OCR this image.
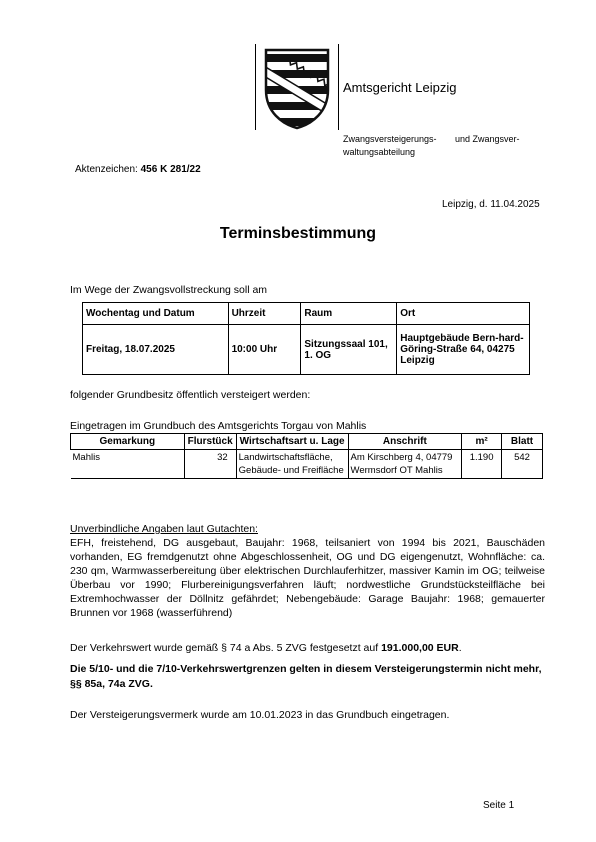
Amtsgericht Leipzig
Zwangsversteigerungs- und Zwangsver-
waltungsabteilung
Aktenzeichen: 456 K 281/22
Leipzig, d. 11.04.2025
Terminsbestimmung
Im Wege der Zwangsvollstreckung soll am
Wochentag und Datum	Uhrzeit	Raum	Ort
Freitag, 18.07.2025	10:00 Uhr	Sitzungssaal 101, 1. OG	Hauptgebäude Bern-hard-Göring-Straße 64, 04275 Leipzig
folgender Grundbesitz öffentlich versteigert werden:
Eingetragen im Grundbuch des Amtsgerichts Torgau von Mahlis
Gemarkung	Flurstück	Wirtschaftsart u. Lage	Anschrift	m²	Blatt
Mahlis	32	Landwirtschaftsfläche, Gebäude- und Freifläche	Am Kirschberg 4, 04779 Wermsdorf OT Mahlis	1.190	542
Unverbindliche Angaben laut Gutachten:
EFH, freistehend, DG ausgebaut, Baujahr: 1968, teilsaniert von 1994 bis 2021, Bauschäden vorhanden, EG fremdgenutzt ohne Abgeschlossenheit, OG und DG eigengenutzt, Wohnfläche: ca. 230 qm, Warmwasserbereitung über elektrischen Durchlauferhitzer, massiver Kamin im OG; teilweise Überbau vor 1990; Flurbereinigungsverfahren läuft; nordwestliche Grundstücksteilfläche bei Extremhochwasser der Döllnitz gefährdet; Nebengebäude: Garage Baujahr: 1968; gemauerter Brunnen vor 1968 (wasserführend)
Der Verkehrswert wurde gemäß § 74 a Abs. 5 ZVG festgesetzt auf 191.000,00 EUR.
Die 5/10- und die 7/10-Verkehrswertgrenzen gelten in diesem Versteigerungstermin nicht mehr, §§ 85a, 74a ZVG.
Der Versteigerungsvermerk wurde am 10.01.2023 in das Grundbuch eingetragen.
Seite 1
